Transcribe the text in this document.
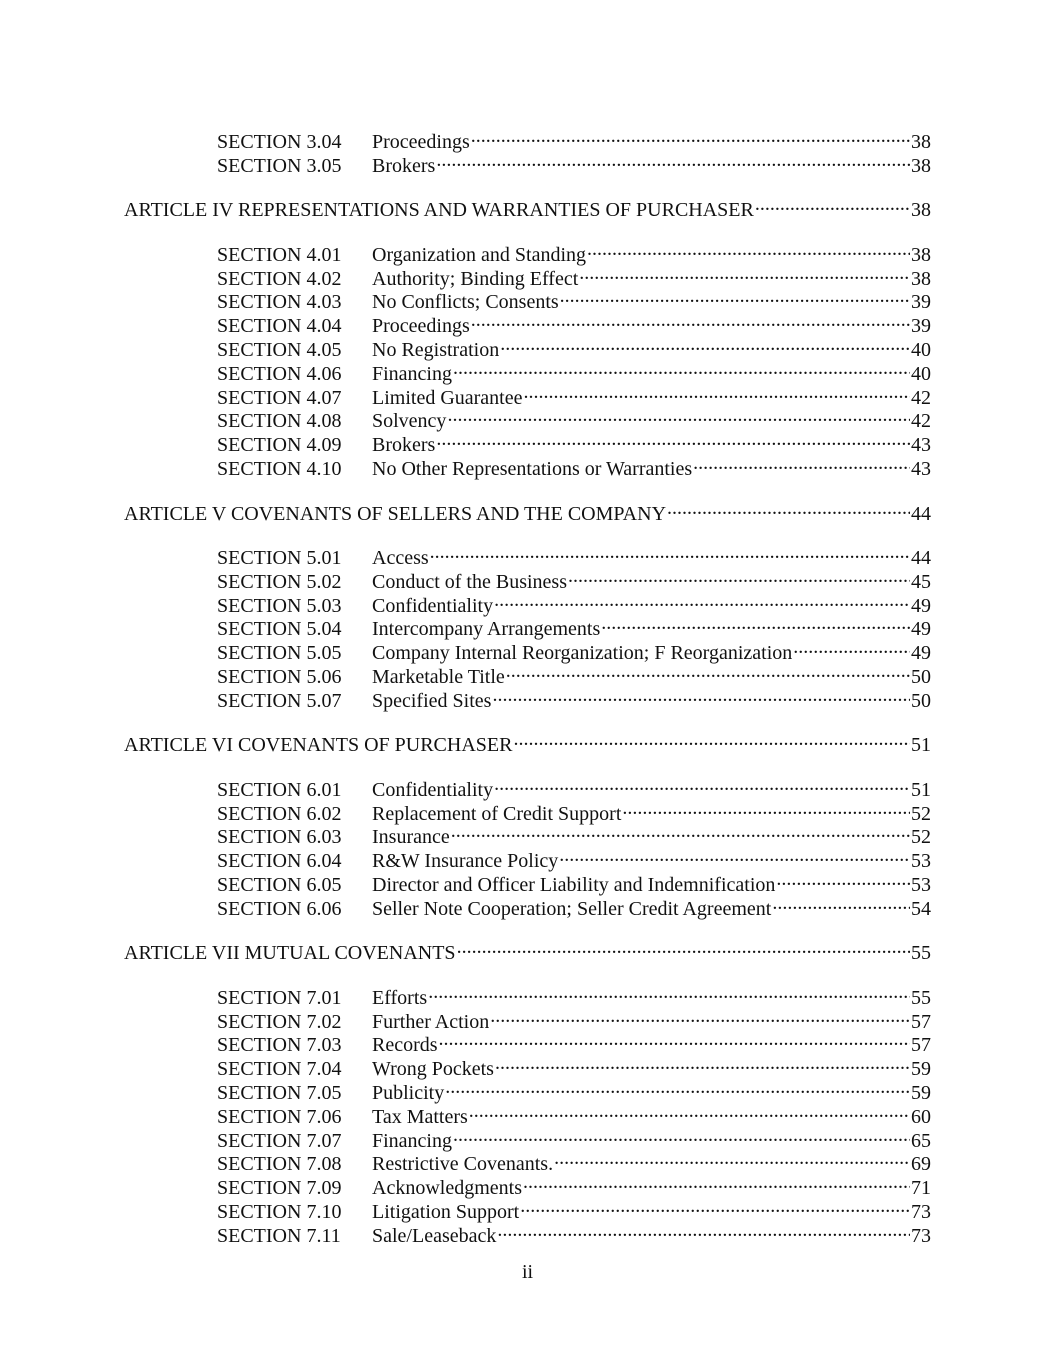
SECTION 3.04	Proceedings .....	38
SECTION 3.05	Brokers .....	38
ARTICLE IV REPRESENTATIONS AND WARRANTIES OF PURCHASER .....	38
SECTION 4.01	Organization and Standing .....	38
SECTION 4.02	Authority; Binding Effect .....	38
SECTION 4.03	No Conflicts; Consents .....	39
SECTION 4.04	Proceedings .....	39
SECTION 4.05	No Registration .....	40
SECTION 4.06	Financing .....	40
SECTION 4.07	Limited Guarantee .....	42
SECTION 4.08	Solvency .....	42
SECTION 4.09	Brokers .....	43
SECTION 4.10	No Other Representations or Warranties .....	43
ARTICLE V COVENANTS OF SELLERS AND THE COMPANY .....	44
SECTION 5.01	Access .....	44
SECTION 5.02	Conduct of the Business .....	45
SECTION 5.03	Confidentiality .....	49
SECTION 5.04	Intercompany Arrangements .....	49
SECTION 5.05	Company Internal Reorganization; F Reorganization .....	49
SECTION 5.06	Marketable Title .....	50
SECTION 5.07	Specified Sites .....	50
ARTICLE VI COVENANTS OF PURCHASER .....	51
SECTION 6.01	Confidentiality .....	51
SECTION 6.02	Replacement of Credit Support .....	52
SECTION 6.03	Insurance .....	52
SECTION 6.04	R&W Insurance Policy .....	53
SECTION 6.05	Director and Officer Liability and Indemnification .....	53
SECTION 6.06	Seller Note Cooperation; Seller Credit Agreement .....	54
ARTICLE VII MUTUAL COVENANTS .....	55
SECTION 7.01	Efforts .....	55
SECTION 7.02	Further Action .....	57
SECTION 7.03	Records .....	57
SECTION 7.04	Wrong Pockets .....	59
SECTION 7.05	Publicity .....	59
SECTION 7.06	Tax Matters .....	60
SECTION 7.07	Financing .....	65
SECTION 7.08	Restrictive Covenants. .....	69
SECTION 7.09	Acknowledgments .....	71
SECTION 7.10	Litigation Support .....	73
SECTION 7.11	Sale/Leaseback .....	73
ii
